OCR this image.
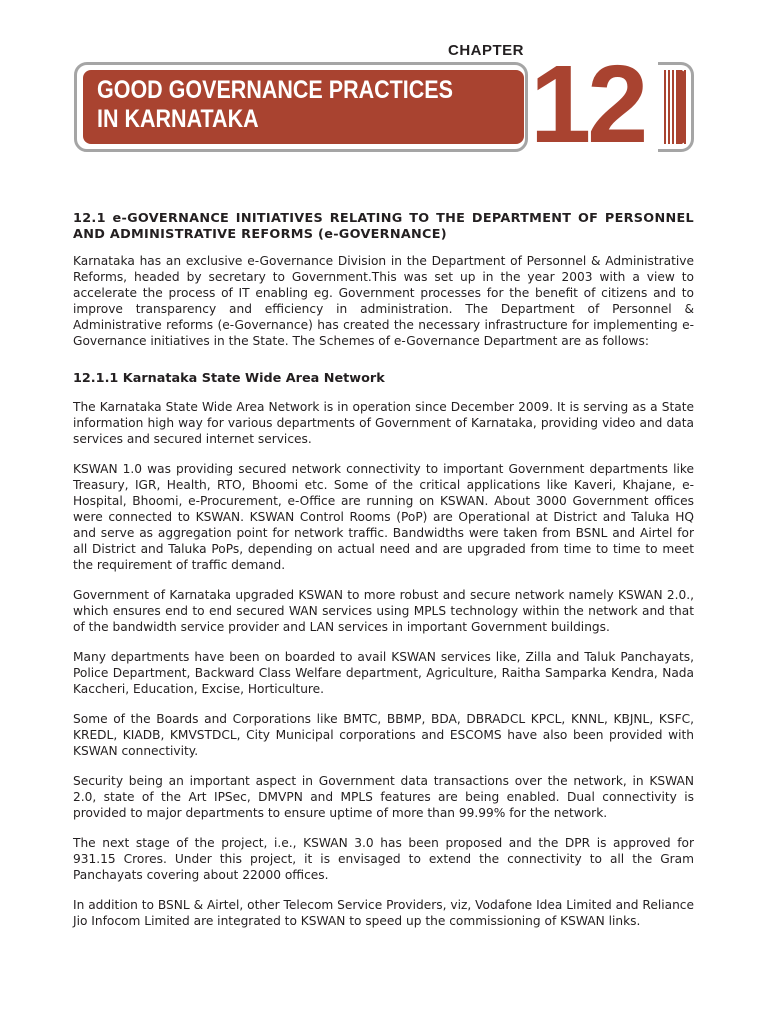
CHAPTER
GOOD GOVERNANCE PRACTICES
IN KARNATAKA	12
12.1 e-GOVERNANCE INITIATIVES RELATING TO THE DEPARTMENT OF PERSONNEL AND ADMINISTRATIVE REFORMS (e-GOVERNANCE)

Karnataka has an exclusive e-Governance Division in the Department of Personnel & Administrative Reforms, headed by secretary to Government.This was set up in the year 2003 with a view to accelerate the process of IT enabling eg. Government processes for the benefit of citizens and to improve transparency and efficiency in administration. The Department of Personnel & Administrative reforms (e-Governance) has created the necessary infrastructure for implementing e-Governance initiatives in the State. The Schemes of e-Governance Department are as follows:

12.1.1 Karnataka State Wide Area Network

The Karnataka State Wide Area Network is in operation since December 2009. It is serving as a State information high way for various departments of Government of Karnataka, providing video and data services and secured internet services.

KSWAN 1.0 was providing secured network connectivity to important Government departments like Treasury, IGR, Health, RTO, Bhoomi etc. Some of the critical applications like Kaveri, Khajane, e-Hospital, Bhoomi, e-Procurement, e-Office are running on KSWAN. About 3000 Government offices were connected to KSWAN. KSWAN Control Rooms (PoP) are Operational at District and Taluka HQ and serve as aggregation point for network traffic. Bandwidths were taken from BSNL and Airtel for all District and Taluka PoPs, depending on actual need and are upgraded from time to time to meet the requirement of traffic demand.

Government of Karnataka upgraded KSWAN to more robust and secure network namely KSWAN 2.0., which ensures end to end secured WAN services using MPLS technology within the network and that of the bandwidth service provider and LAN services in important Government buildings.

Many departments have been on boarded to avail KSWAN services like, Zilla and Taluk Panchayats, Police Department, Backward Class Welfare department, Agriculture, Raitha Samparka Kendra, Nada Kaccheri, Education, Excise, Horticulture.

Some of the Boards and Corporations like BMTC, BBMP, BDA, DBRADCL KPCL, KNNL, KBJNL, KSFC, KREDL, KIADB, KMVSTDCL, City Municipal corporations and ESCOMS have also been provided with KSWAN connectivity.

Security being an important aspect in Government data transactions over the network, in KSWAN 2.0, state of the Art IPSec, DMVPN and MPLS features are being enabled. Dual connectivity is provided to major departments to ensure uptime of more than 99.99% for the network.

The next stage of the project, i.e., KSWAN 3.0 has been proposed and the DPR is approved for 931.15 Crores. Under this project, it is envisaged to extend the connectivity to all the Gram Panchayats covering about 22000 offices.

In addition to BSNL & Airtel, other Telecom Service Providers, viz, Vodafone Idea Limited and Reliance Jio Infocom Limited are integrated to KSWAN to speed up the commissioning of KSWAN links.
